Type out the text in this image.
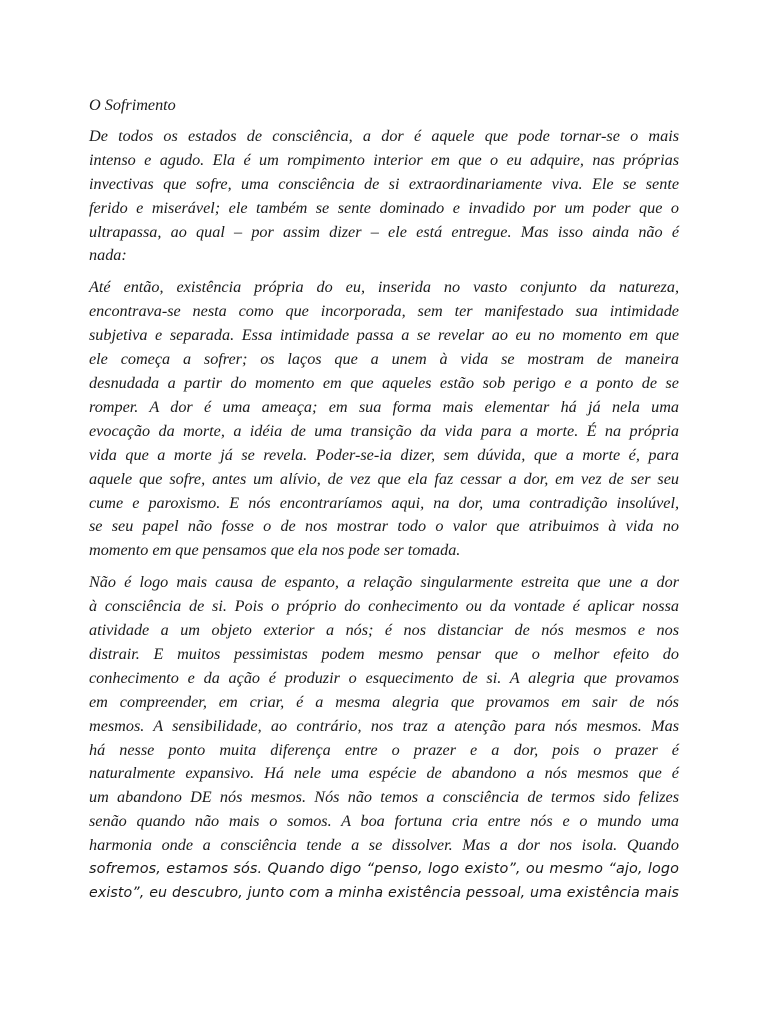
O Sofrimento
De todos os estados de consciência, a dor é aquele que pode tornar-se o mais
intenso e agudo. Ela é um rompimento interior em que o eu adquire, nas próprias
invectivas que sofre, uma consciência de si extraordinariamente viva. Ele se sente
ferido e miserável; ele também se sente dominado e invadido por um poder que o
ultrapassa, ao qual – por assim dizer – ele está entregue. Mas isso ainda não é
nada:
Até então, existência própria do eu, inserida no vasto conjunto da natureza,
encontrava-se nesta como que incorporada, sem ter manifestado sua intimidade
subjetiva e separada. Essa intimidade passa a se revelar ao eu no momento em que
ele começa a sofrer; os laços que a unem à vida se mostram de maneira
desnudada a partir do momento em que aqueles estão sob perigo e a ponto de se
romper. A dor é uma ameaça; em sua forma mais elementar há já nela uma
evocação da morte, a idéia de uma transição da vida para a morte. É na própria
vida que a morte já se revela. Poder-se-ia dizer, sem dúvida, que a morte é, para
aquele que sofre, antes um alívio, de vez que ela faz cessar a dor, em vez de ser seu
cume e paroxismo. E nós encontraríamos aqui, na dor, uma contradição insolúvel,
se seu papel não fosse o de nos mostrar todo o valor que atribuimos à vida no
momento em que pensamos que ela nos pode ser tomada.
Não é logo mais causa de espanto, a relação singularmente estreita que une a dor
à consciência de si. Pois o próprio do conhecimento ou da vontade é aplicar nossa
atividade a um objeto exterior a nós; é nos distanciar de nós mesmos e nos
distrair. E muitos pessimistas podem mesmo pensar que o melhor efeito do
conhecimento e da ação é produzir o esquecimento de si. A alegria que provamos
em compreender, em criar, é a mesma alegria que provamos em sair de nós
mesmos. A sensibilidade, ao contrário, nos traz a atenção para nós mesmos. Mas
há nesse ponto muita diferença entre o prazer e a dor, pois o prazer é
naturalmente expansivo. Há nele uma espécie de abandono a nós mesmos que é
um abandono DE nós mesmos. Nós não temos a consciência de termos sido felizes
senão quando não mais o somos. A boa fortuna cria entre nós e o mundo uma
harmonia onde a consciência tende a se dissolver. Mas a dor nos isola. Quando
sofremos, estamos sós. Quando digo “penso, logo existo”, ou mesmo “ajo, logo
existo”, eu descubro, junto com a minha existência pessoal, uma existência mais
